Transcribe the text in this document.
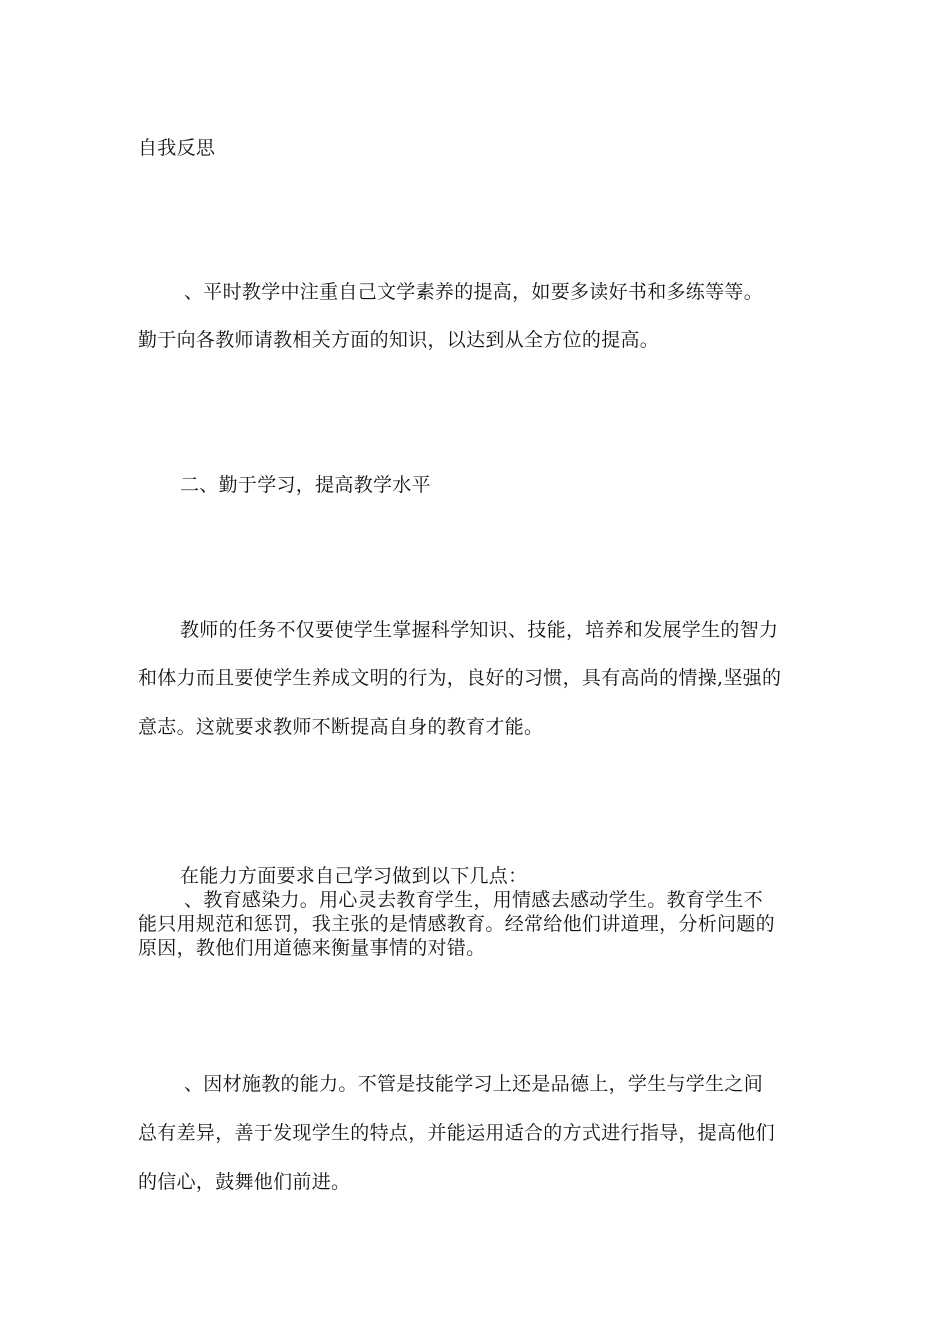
自我反思
、平时教学中注重自己文学素养的提高，如要多读好书和多练等等。
勤于向各教师请教相关方面的知识，以达到从全方位的提高。
二、勤于学习，提高教学水平
教师的任务不仅要使学生掌握科学知识、技能，培养和发展学生的智力
和体力而且要使学生养成文明的行为，良好的习惯，具有高尚的情操,坚强的
意志。这就要求教师不断提高自身的教育才能。
在能力方面要求自己学习做到以下几点：
、教育感染力。用心灵去教育学生，用情感去感动学生。教育学生不
能只用规范和惩罚，我主张的是情感教育。经常给他们讲道理，分析问题的
原因，教他们用道德来衡量事情的对错。
、因材施教的能力。不管是技能学习上还是品德上，学生与学生之间
总有差异，善于发现学生的特点，并能运用适合的方式进行指导，提高他们
的信心，鼓舞他们前进。
